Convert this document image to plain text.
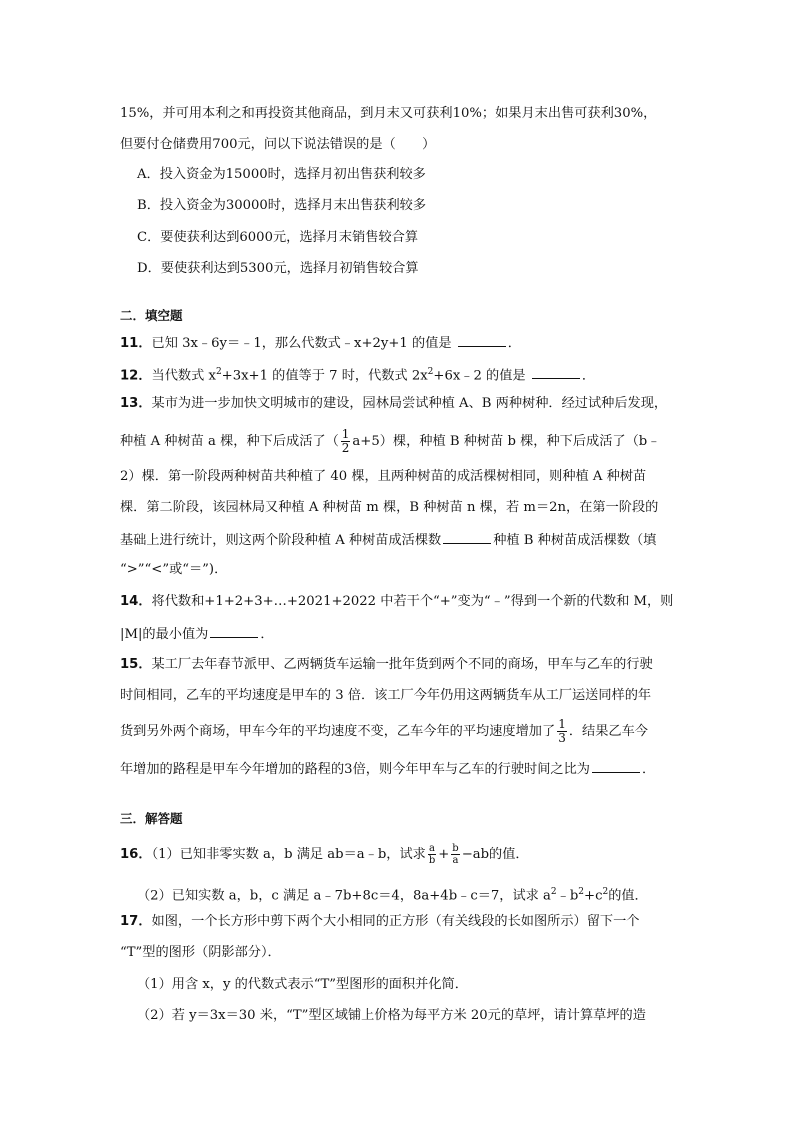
15%，并可用本利之和再投资其他商品，到月末又可获利10%；如果月末出售可获利30%，
但要付仓储费用700元，问以下说法错误的是（　　）
A．投入资金为15000时，选择月初出售获利较多
B．投入资金为30000时，选择月末出售获利较多
C．要使获利达到6000元，选择月末销售较合算
D．要使获利达到5300元，选择月初销售较合算
二．填空题
11．已知 3x﹣6y＝﹣1，那么代数式﹣x+2y+1 的值是	．
12．当代数式 $x^2+3x+1$ 的值等于 7 时，代数式 $2x^2+6x﹣2$ 的值是	．
13．某市为进一步加快文明城市的建设，园林局尝试种植 A、B 两种树种．经过试种后发现，
种植 A 种树苗 a 棵，种下后成活了（ $\frac{1}{2} a+5$）棵，种植 B 种树苗 b 棵，种下后成活了（b﹣
2）棵．第一阶段两种树苗共种植了 40 棵，且两种树苗的成活棵树相同，则种植 A 种树苗
棵．第二阶段，该园林局又种植 A 种树苗 m 棵，B 种树苗 n 棵，若 m＝2n，在第一阶段的
基础上进行统计，则这两个阶段种植 A 种树苗成活棵数	种植 B 种树苗成活棵数（填
“>”“<”或“＝”)．
14．将代数和+1+2+3+…+2021+2022 中若干个“+”变为“﹣”得到一个新的代数和 M，则
|M|的最小值为	．
15．某工厂去年春节派甲、乙两辆货车运输一批年货到两个不同的商场，甲车与乙车的行驶
时间相同，乙车的平均速度是甲车的 3 倍．该工厂今年仍用这两辆货车从工厂运送同样的年
货到另外两个商场，甲车今年的平均速度不变，乙车今年的平均速度增加了 $\frac{1}{3}$ ．结果乙车今
年增加的路程是甲车今年增加的路程的3倍，则今年甲车与乙车的行驶时间之比为	．
三．解答题
16．（1）已知非零实数 a，b 满足 ab＝a﹣b，试求 $\frac{a}{b} + \frac{b}{a} -ab$的值．
（2）已知实数 a，b，c 满足 a﹣7b+8c＝4，8a+4b﹣c＝7，试求 $a^2﹣b^2+c^2$的值．
17．如图，一个长方形中剪下两个大小相同的正方形（有关线段的长如图所示）留下一个
“T”型的图形（阴影部分）．
（1）用含 x，y 的代数式表示“T”型图形的面积并化简．
（2）若 y＝3x＝30 米，“T”型区域铺上价格为每平方米 20元的草坪，请计算草坪的造
